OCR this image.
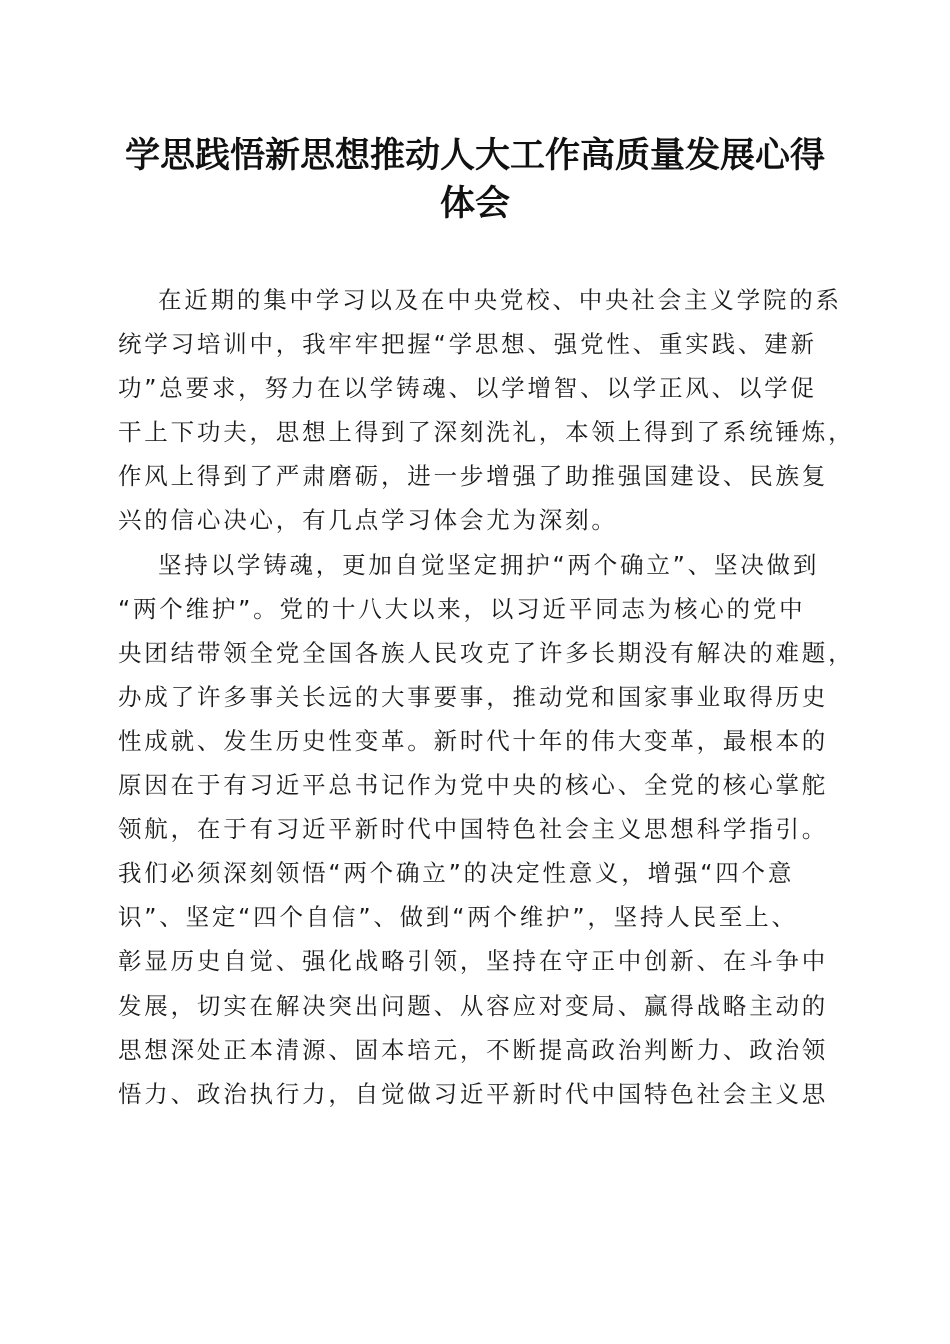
学思践悟新思想推动人大工作高质量发展心得
体会
在近期的集中学习以及在中央党校、中央社会主义学院的系
统学习培训中，我牢牢把握“学思想、强党性、重实践、建新
功”总要求，努力在以学铸魂、以学增智、以学正风、以学促
干上下功夫，思想上得到了深刻洗礼，本领上得到了系统锤炼，
作风上得到了严肃磨砺，进一步增强了助推强国建设、民族复
兴的信心决心，有几点学习体会尤为深刻。
坚持以学铸魂，更加自觉坚定拥护“两个确立”、坚决做到
“两个维护”。党的十八大以来，以习近平同志为核心的党中
央团结带领全党全国各族人民攻克了许多长期没有解决的难题，
办成了许多事关长远的大事要事，推动党和国家事业取得历史
性成就、发生历史性变革。新时代十年的伟大变革，最根本的
原因在于有习近平总书记作为党中央的核心、全党的核心掌舵
领航，在于有习近平新时代中国特色社会主义思想科学指引。
我们必须深刻领悟“两个确立”的决定性意义，增强“四个意
识”、坚定“四个自信”、做到“两个维护”，坚持人民至上、
彰显历史自觉、强化战略引领，坚持在守正中创新、在斗争中
发展，切实在解决突出问题、从容应对变局、赢得战略主动的
思想深处正本清源、固本培元，不断提高政治判断力、政治领
悟力、政治执行力，自觉做习近平新时代中国特色社会主义思
